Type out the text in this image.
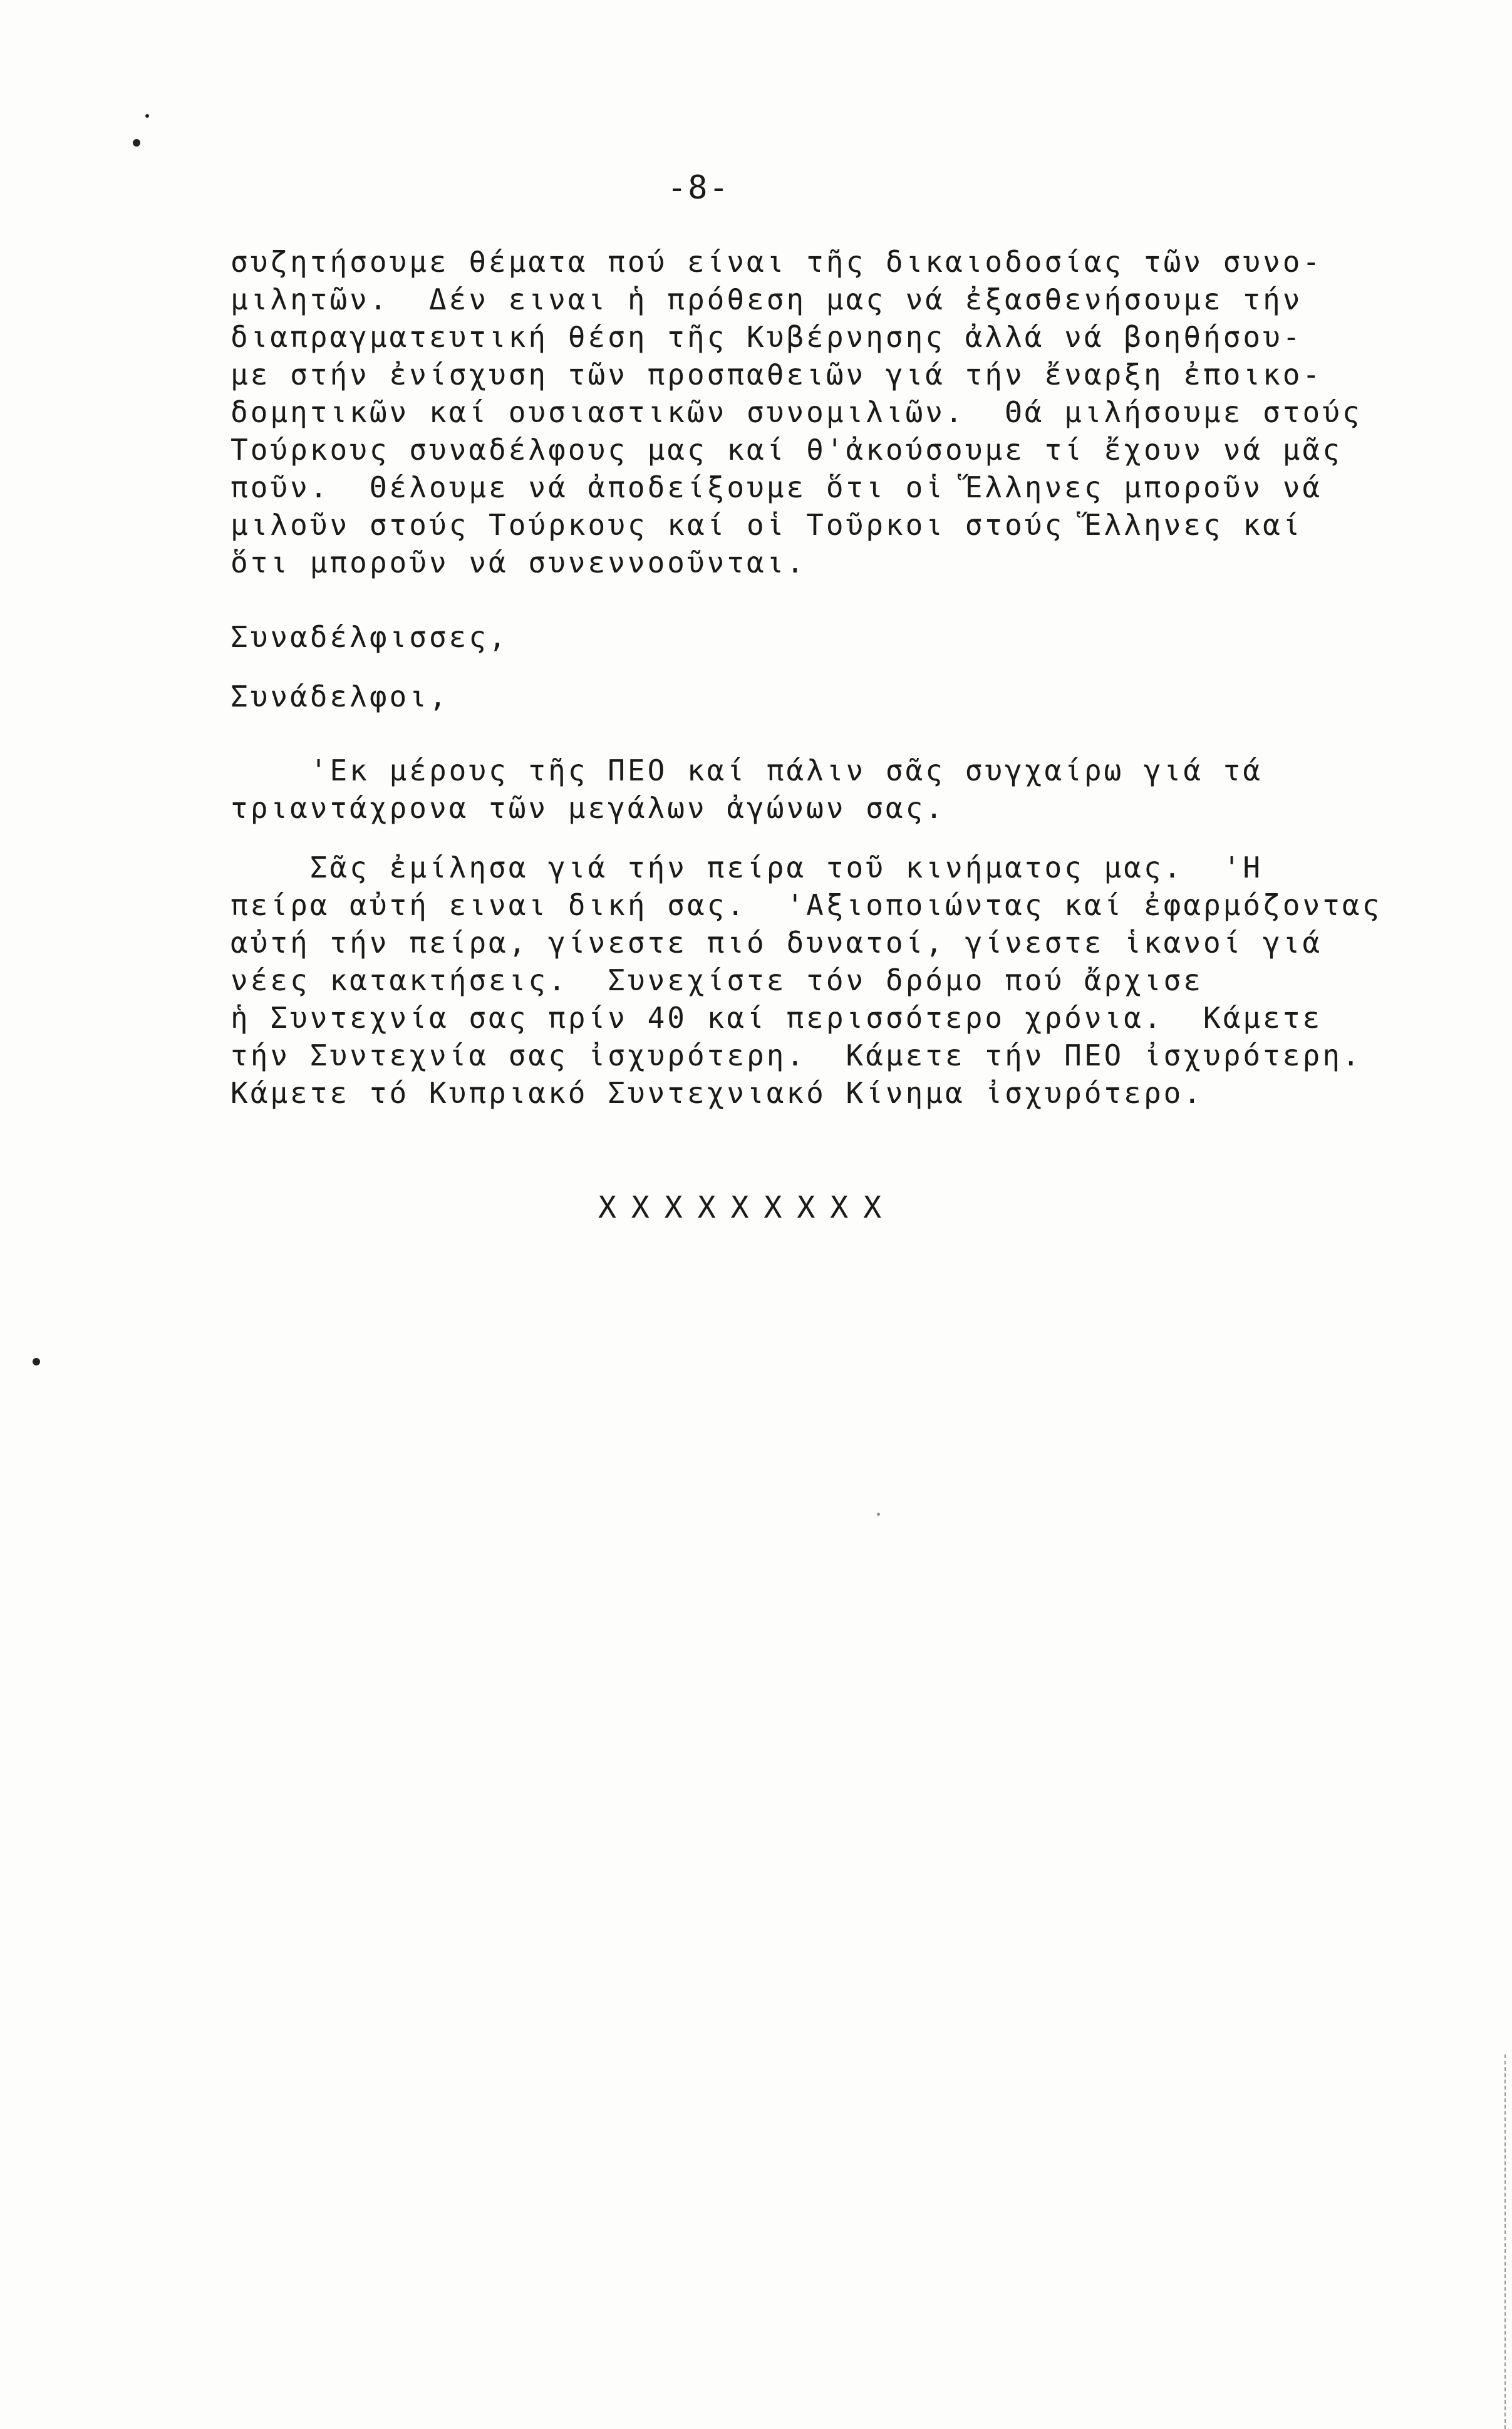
-8-
συζητήσουμε θέματα πού είναι τῆς δικαιοδοσίας τῶν συνο-
μιλητῶν.  Δέν ειναι ἡ πρόθεση μας νά ἐξασθενήσουμε τήν
διαπραγματευτική θέση τῆς Κυβέρνησης ἀλλά νά βοηθήσου-
με στήν ἐνίσχυση τῶν προσπαθειῶν γιά τήν ἔναρξη ἐποικο-
δομητικῶν καί ουσιαστικῶν συνομιλιῶν.  Θά μιλήσουμε στούς
Τούρκους συναδέλφους μας καί θ'ἀκούσουμε τί ἔχουν νά μᾶς
ποῦν.  Θέλουμε νά ἀποδείξουμε ὅτι οἱ Ἕλληνες μποροῦν νά
μιλοῦν στούς Τούρκους καί οἱ Τοῦρκοι στούς Ἕλληνες καί
ὅτι μποροῦν νά συνεννοοῦνται.
Συναδέλφισσες,
Συνάδελφοι,
'Εκ μέρους τῆς ΠΕΟ καί πάλιν σᾶς συγχαίρω γιά τά
τριαντάχρονα τῶν μεγάλων ἀγώνων σας.
Σᾶς ἐμίλησα γιά τήν πείρα τοῦ κινήματος μας.  'Η
πείρα αὐτή ειναι δική σας.  'Αξιοποιώντας καί ἐφαρμόζοντας
αὐτή τήν πείρα, γίνεστε πιό δυνατοί, γίνεστε ἱκανοί γιά
νέες κατακτήσεις.  Συνεχίστε τόν δρόμο πού ἄρχισε
ἡ Συντεχνία σας πρίν 40 καί περισσότερο χρόνια.  Κάμετε
τήν Συντεχνία σας ἰσχυρότερη.  Κάμετε τήν ΠΕΟ ἰσχυρότερη.
Κάμετε τό Κυπριακό Συντεχνιακό Κίνημα ἰσχυρότερο.
XXXXXXXXX
